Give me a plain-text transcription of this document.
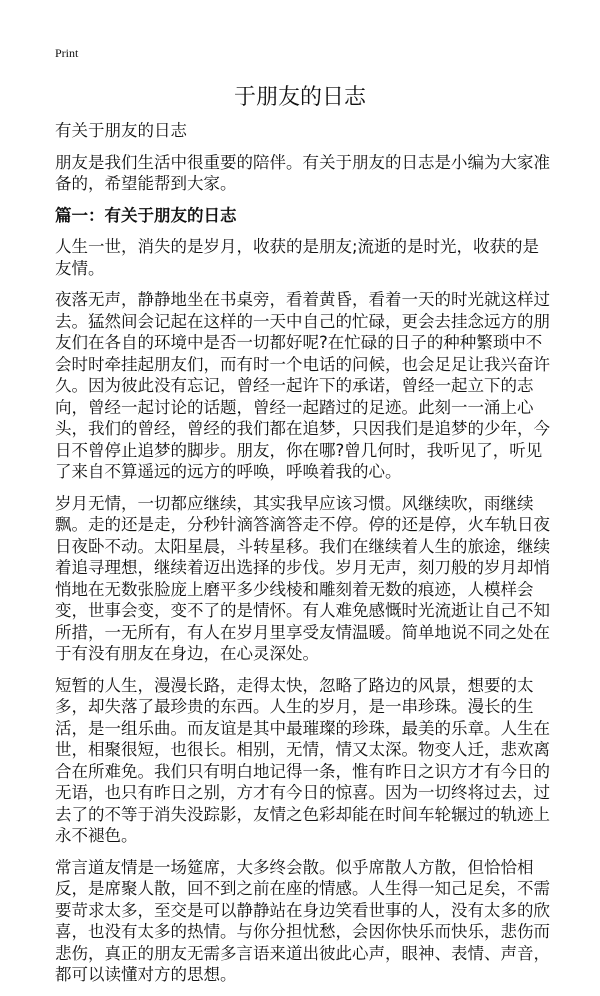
Print
于朋友的日志

有关于朋友的日志

朋友是我们生活中很重要的陪伴。有关于朋友的日志是小编为大家准备的，希望能帮到大家。

篇一：有关于朋友的日志

人生一世，消失的是岁月，收获的是朋友;流逝的是时光，收获的是友情。

夜落无声，静静地坐在书桌旁，看着黄昏，看着一天的时光就这样过去。猛然间会记起在这样的一天中自己的忙碌，更会去挂念远方的朋友们在各自的环境中是否一切都好呢?在忙碌的日子的种种繁琐中不会时时牵挂起朋友们，而有时一个电话的问候，也会足足让我兴奋许久。因为彼此没有忘记，曾经一起许下的承诺，曾经一起立下的志向，曾经一起讨论的话题，曾经一起踏过的足迹。此刻一一涌上心头，我们的曾经，曾经的我们都在追梦，只因我们是追梦的少年，今日不曾停止追梦的脚步。朋友，你在哪?曾几何时，我听见了，听见了来自不算遥远的远方的呼唤，呼唤着我的心。

岁月无情，一切都应继续，其实我早应该习惯。风继续吹，雨继续飘。走的还是走，分秒针滴答滴答走不停。停的还是停，火车轨日夜日夜卧不动。太阳星晨，斗转星移。我们在继续着人生的旅途，继续着追寻理想，继续着迈出选择的步伐。岁月无声，刻刀般的岁月却悄悄地在无数张脸庞上磨平多少线棱和雕刻着无数的痕迹，人模样会变，世事会变，变不了的是情怀。有人难免感慨时光流逝让自己不知所措，一无所有，有人在岁月里享受友情温暖。简单地说不同之处在于有没有朋友在身边，在心灵深处。

短暂的人生，漫漫长路，走得太快，忽略了路边的风景，想要的太多，却失落了最珍贵的东西。人生的岁月，是一串珍珠。漫长的生活，是一组乐曲。而友谊是其中最璀璨的珍珠，最美的乐章。人生在世，相聚很短，也很长。相别，无情，情又太深。物变人迁，悲欢离合在所难免。我们只有明白地记得一条，惟有昨日之识方才有今日的无语，也只有昨日之别，方才有今日的惊喜。因为一切终将过去，过去了的不等于消失没踪影，友情之色彩却能在时间车轮辗过的轨迹上永不褪色。

常言道友情是一场筵席，大多终会散。似乎席散人方散，但恰恰相反，是席聚人散，回不到之前在座的情感。人生得一知己足矣，不需要苛求太多，至交是可以静静站在身边笑看世事的人，没有太多的欣喜，也没有太多的热情。与你分担忧愁，会因你快乐而快乐，悲伤而悲伤，真正的朋友无需多言语来道出彼此心声，眼神、表情、声音，都可以读懂对方的思想。
